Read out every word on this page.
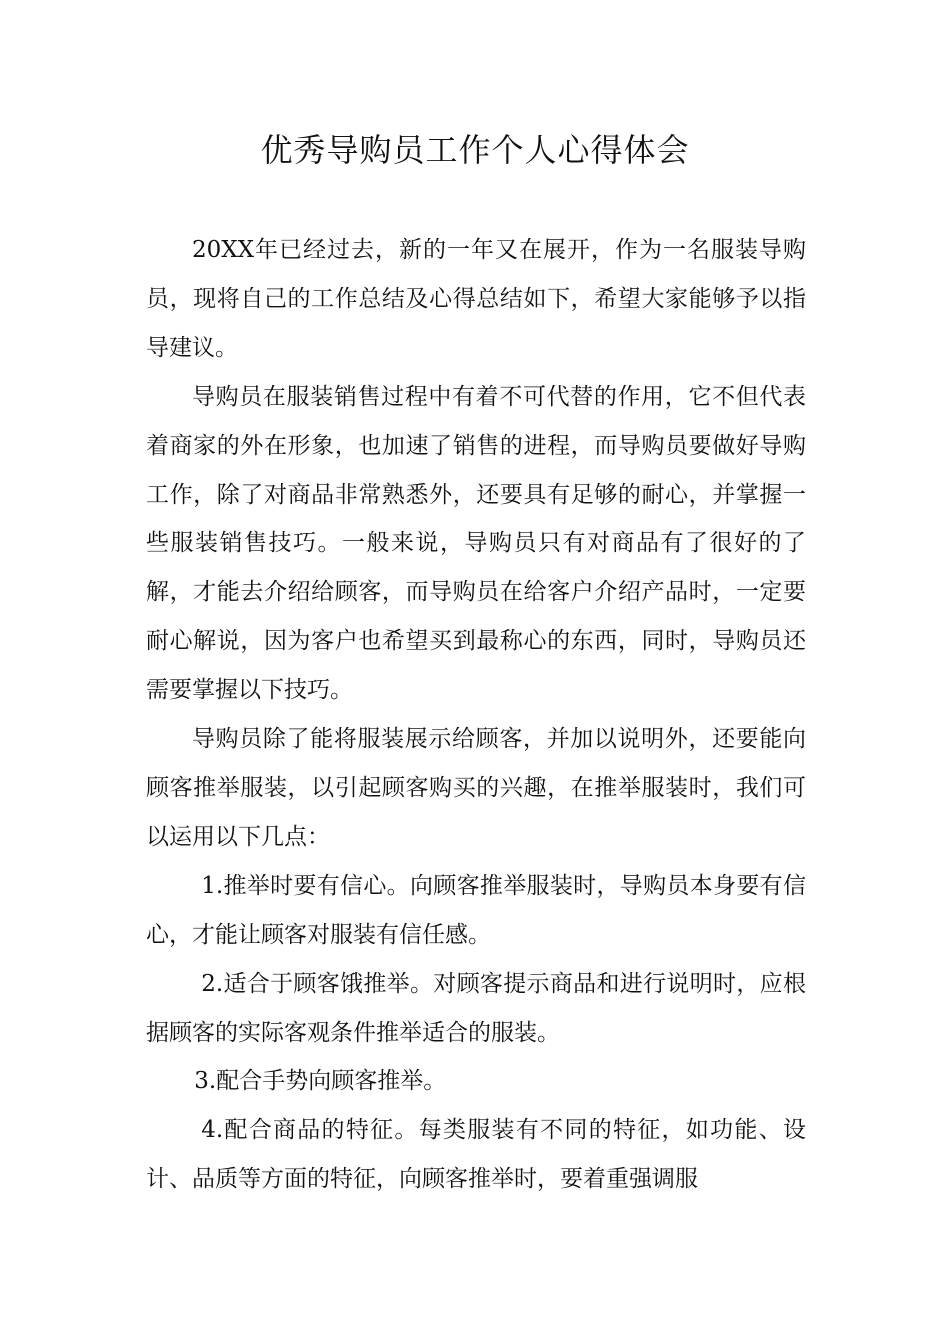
优秀导购员工作个人心得体会

20XX年已经过去，新的一年又在展开，作为一名服装导购员，现将自己的工作总结及心得总结如下，希望大家能够予以指导建议。

导购员在服装销售过程中有着不可代替的作用，它不但代表着商家的外在形象，也加速了销售的进程，而导购员要做好导购工作，除了对商品非常熟悉外，还要具有足够的耐心，并掌握一些服装销售技巧。一般来说，导购员只有对商品有了很好的了解，才能去介绍给顾客，而导购员在给客户介绍产品时，一定要耐心解说，因为客户也希望买到最称心的东西，同时，导购员还需要掌握以下技巧。

导购员除了能将服装展示给顾客，并加以说明外，还要能向顾客推举服装，以引起顾客购买的兴趣，在推举服装时，我们可以运用以下几点：

1.推举时要有信心。向顾客推举服装时，导购员本身要有信心，才能让顾客对服装有信任感。

2.适合于顾客饿推举。对顾客提示商品和进行说明时，应根据顾客的实际客观条件推举适合的服装。

3.配合手势向顾客推举。

4.配合商品的特征。每类服装有不同的特征，如功能、设计、品质等方面的特征，向顾客推举时，要着重强调服
